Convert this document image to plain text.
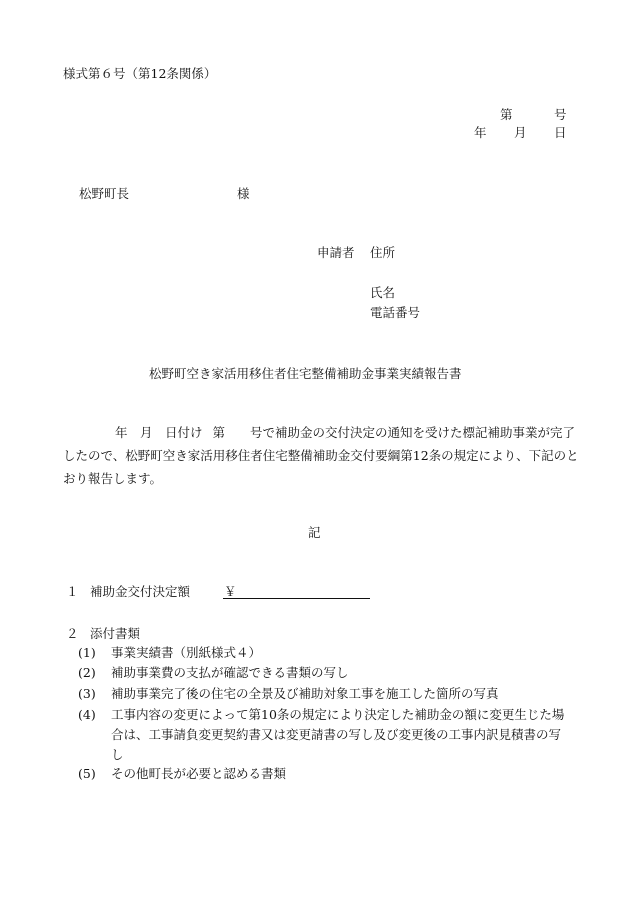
様式第６号（第12条関係）
第	号
年 月 日
松野町長	様
申請者 住所
氏名
電話番号
松野町空き家活用移住者住宅整備補助金事業実績報告書
年　月　日付け 第　　号で補助金の交付決定の通知を受けた標記補助事業が完了したので、松野町空き家活用移住者住宅整備補助金交付要綱第12条の規定により、下記のとおり報告します。
記
１ 補助金交付決定額	￥
２ 添付書類
(1) 事業実績書（別紙様式４）
(2) 補助事業費の支払が確認できる書類の写し
(3) 補助事業完了後の住宅の全景及び補助対象工事を施工した箇所の写真
(4) 工事内容の変更によって第10条の規定により決定した補助金の額に変更生じた場合は、工事請負変更契約書又は変更請書の写し及び変更後の工事内訳見積書の写し
(5) その他町長が必要と認める書類
